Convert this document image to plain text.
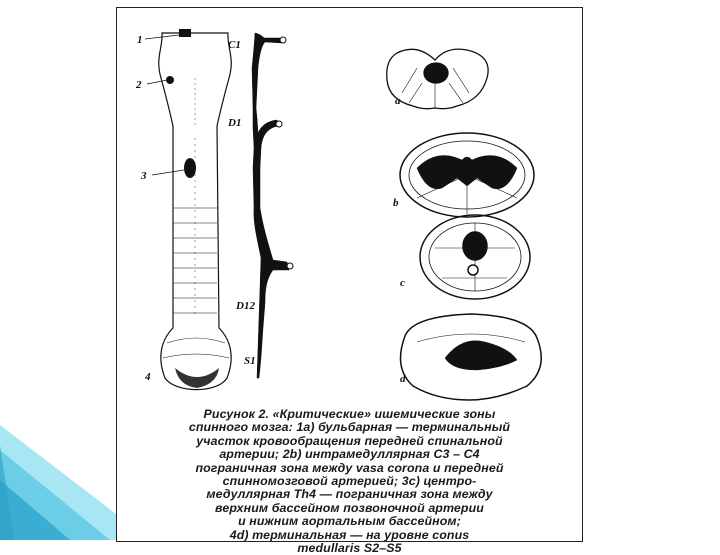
1
2
3
4
C1
D1
D12
S1
a
b
c
d
Рисунок 2. «Критические» ишемические зоны
спинного мозга: 1а) бульбарная — терминальный
участок кровообращения передней спинальной
артерии; 2b) интрамедуллярная C3 – C4
пограничная зона между vasa corona и передней
спинномозговой артерией; 3с) центро-
медуллярная Th4 — пограничная зона между
верхним бассейном позвоночной артерии
и нижним аортальным бассейном;
4d) терминальная — на уровне conus
medullaris S2–S5
